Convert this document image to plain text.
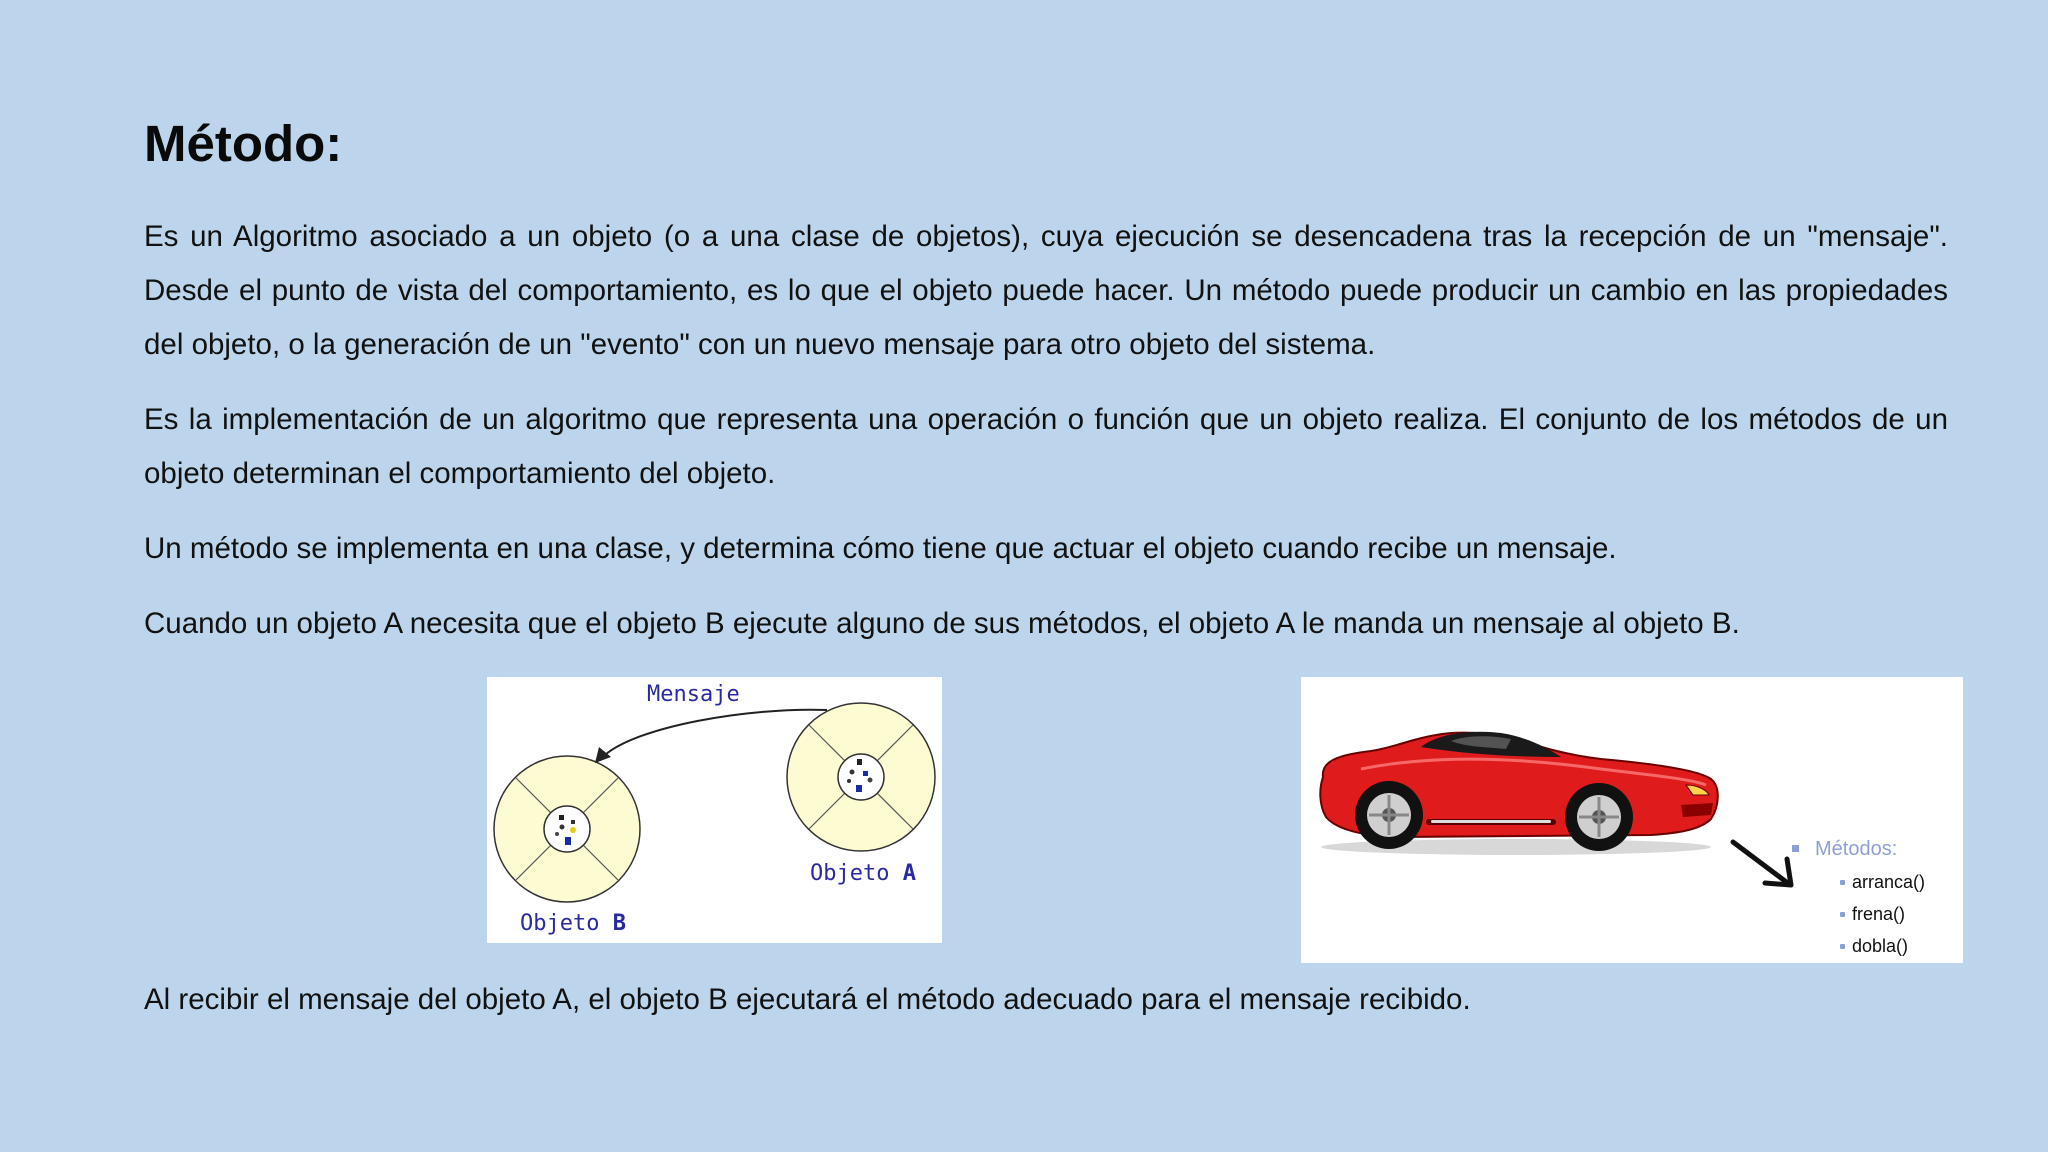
Método:

Es un Algoritmo asociado a un objeto (o a una clase de objetos), cuya ejecución se desencadena tras la recepción de un "mensaje". Desde el punto de vista del comportamiento, es lo que el objeto puede hacer. Un método puede producir un cambio en las propiedades del objeto, o la generación de un "evento" con un nuevo mensaje para otro objeto del sistema.

Es la implementación de un algoritmo que representa una operación o función que un objeto realiza. El conjunto de los métodos de un objeto determinan el comportamiento del objeto.

Un método se implementa en una clase, y determina cómo tiene que actuar el objeto cuando recibe un mensaje.

Cuando un objeto A necesita que el objeto B ejecute alguno de sus métodos, el objeto A le manda un mensaje al objeto B.

Mensaje
Objeto A
Objeto B
Métodos:
arranca()
frena()
dobla()

Al recibir el mensaje del objeto A, el objeto B ejecutará el método adecuado para el mensaje recibido.
